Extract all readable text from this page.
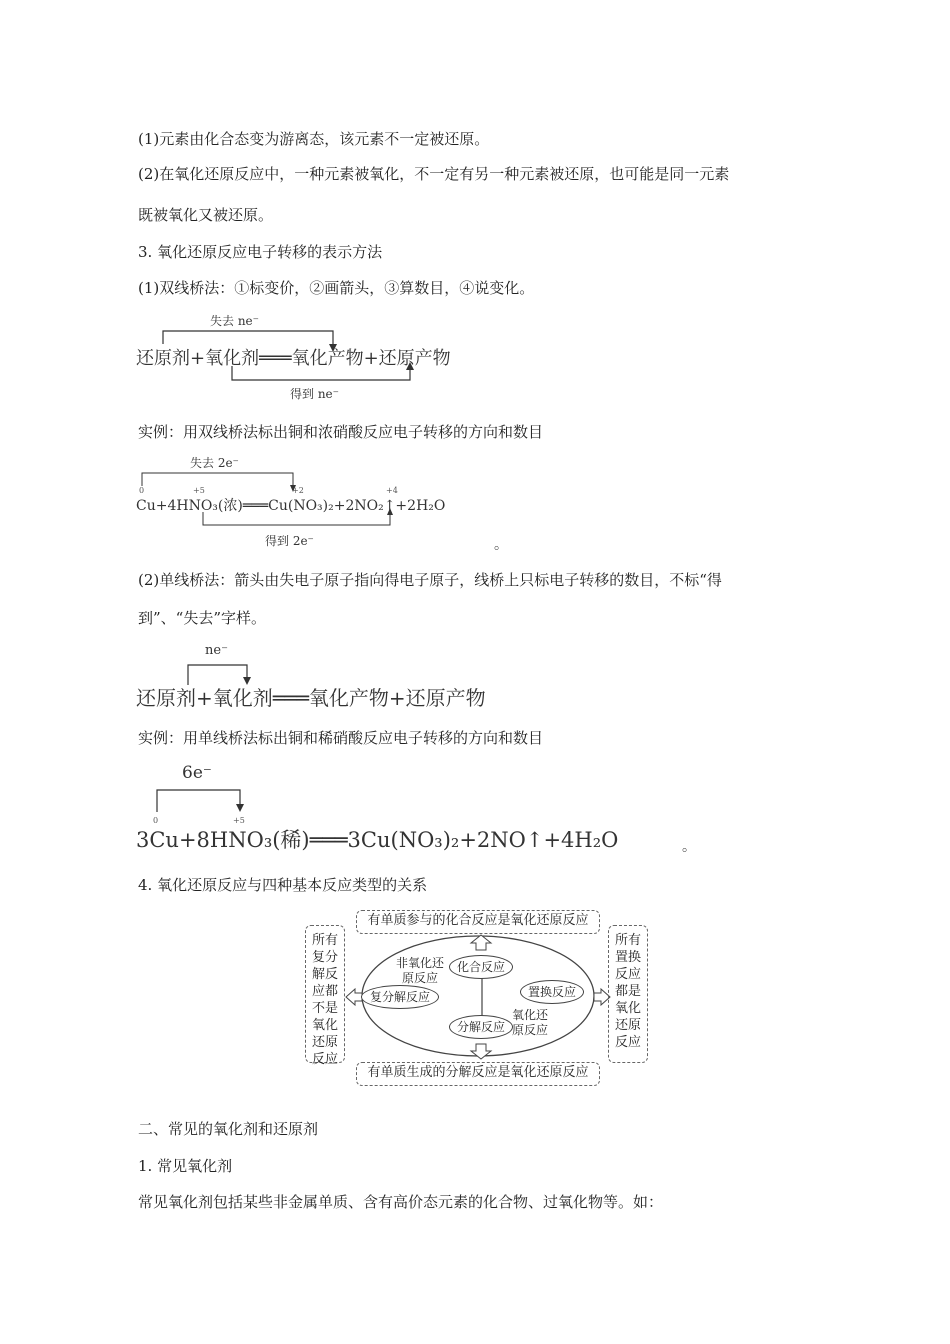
(1)元素由化合态变为游离态，该元素不一定被还原。
(2)在氧化还原反应中，一种元素被氧化，不一定有另一种元素被还原，也可能是同一元素
既被氧化又被还原。
3. 氧化还原反应电子转移的表示方法
(1)双线桥法：①标变价，②画箭头，③算数目，④说变化。
失去 ne⁻
还原剂+氧化剂═══氧化产物+还原产物
得到 ne⁻
实例：用双线桥法标出铜和浓硝酸反应电子转移的方向和数目
失去 2e⁻
0	+5	+2	+4
Cu+4HNO₃(浓)═══Cu(NO₃)₂+2NO₂↑+2H₂O
得到 2e⁻	。
(2)单线桥法：箭头由失电子原子指向得电子原子，线桥上只标电子转移的数目，不标“得
到”、“失去”字样。
ne⁻
还原剂+氧化剂═══氧化产物+还原产物
实例：用单线桥法标出铜和稀硝酸反应电子转移的方向和数目
6e⁻
0	+5
3Cu+8HNO₃(稀)═══3Cu(NO₃)₂+2NO↑+4H₂O	。
4. 氧化还原反应与四种基本反应类型的关系
有单质参与的化合反应是氧化还原反应
有单质生成的分解反应是氧化还原反应
所有复分解反应都不是氧化还原反应
所有置换反应都是氧化还原反应
非氧化还原反应
氧化还原反应
化合反应
分解反应
复分解反应	置换反应
二、常见的氧化剂和还原剂
1. 常见氧化剂
常见氧化剂包括某些非金属单质、含有高价态元素的化合物、过氧化物等。如：
